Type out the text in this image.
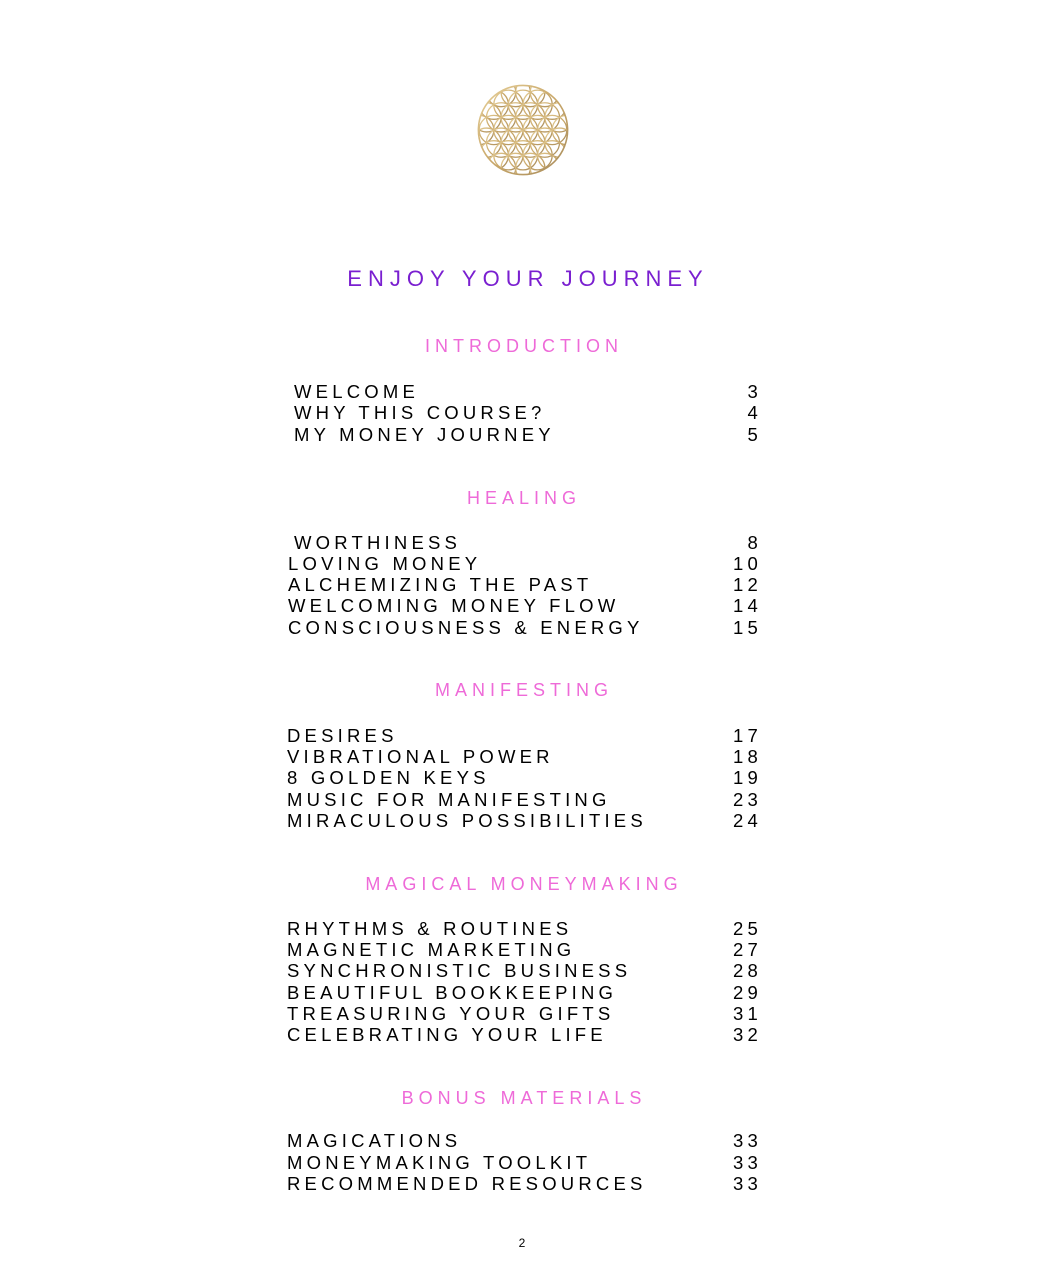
ENJOY YOUR JOURNEY
INTRODUCTION
WELCOME	3
WHY THIS COURSE?	4
MY MONEY JOURNEY	5
HEALING
WORTHINESS	8
LOVING MONEY	10
ALCHEMIZING THE PAST	12
WELCOMING MONEY FLOW	14
CONSCIOUSNESS & ENERGY	15
MANIFESTING
DESIRES	17
VIBRATIONAL POWER	18
8 GOLDEN KEYS	19
MUSIC FOR MANIFESTING	23
MIRACULOUS POSSIBILITIES	24
MAGICAL MONEYMAKING
RHYTHMS & ROUTINES	25
MAGNETIC MARKETING	27
SYNCHRONISTIC BUSINESS	28
BEAUTIFUL BOOKKEEPING	29
TREASURING YOUR GIFTS	31
CELEBRATING YOUR LIFE	32
BONUS MATERIALS
MAGICATIONS	33
MONEYMAKING TOOLKIT	33
RECOMMENDED RESOURCES	33
2
